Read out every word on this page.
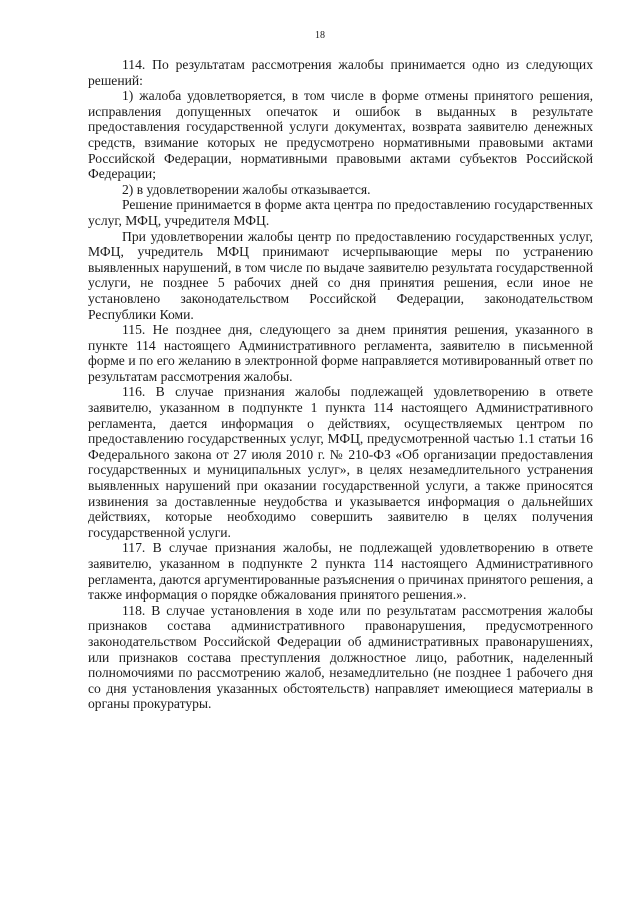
18

114. По результатам рассмотрения жалобы принимается одно из следующих решений:

1) жалоба удовлетворяется, в том числе в форме отмены принятого решения, исправления допущенных опечаток и ошибок в выданных в результате предоставления государственной услуги документах, возврата заявителю денежных средств, взимание которых не предусмотрено нормативными правовыми актами Российской Федерации, нормативными правовыми актами субъектов Российской Федерации;

2) в удовлетворении жалобы отказывается.

Решение принимается в форме акта центра по предоставлению государственных услуг, МФЦ, учредителя МФЦ.

При удовлетворении жалобы центр по предоставлению государственных услуг, МФЦ, учредитель МФЦ принимают исчерпывающие меры по устранению выявленных нарушений, в том числе по выдаче заявителю результата государственной услуги, не позднее 5 рабочих дней со дня принятия решения, если иное не установлено законодательством Российской Федерации, законодательством Республики Коми.

115. Не позднее дня, следующего за днем принятия решения, указанного в пункте 114 настоящего Административного регламента, заявителю в письменной форме и по его желанию в электронной форме направляется мотивированный ответ по результатам рассмотрения жалобы.

116. В случае признания жалобы подлежащей удовлетворению в ответе заявителю, указанном в подпункте 1 пункта 114 настоящего Административного регламента, дается информация о действиях, осуществляемых центром по предоставлению государственных услуг, МФЦ, предусмотренной частью 1.1 статьи 16 Федерального закона от 27 июля 2010 г. № 210-ФЗ «Об организации предоставления государственных и муниципальных услуг», в целях незамедлительного устранения выявленных нарушений при оказании государственной услуги, а также приносятся извинения за доставленные неудобства и указывается информация о дальнейших действиях, которые необходимо совершить заявителю в целях получения государственной услуги.

117. В случае признания жалобы, не подлежащей удовлетворению в ответе заявителю, указанном в подпункте 2 пункта 114 настоящего Административного регламента, даются аргументированные разъяснения о причинах принятого решения, а также информация о порядке обжалования принятого решения.».

118. В случае установления в ходе или по результатам рассмотрения жалобы признаков состава административного правонарушения, предусмотренного законодательством Российской Федерации об административных правонарушениях, или признаков состава преступления должностное лицо, работник, наделенный полномочиями по рассмотрению жалоб, незамедлительно (не позднее 1 рабочего дня со дня установления указанных обстоятельств) направляет имеющиеся материалы в органы прокуратуры.
